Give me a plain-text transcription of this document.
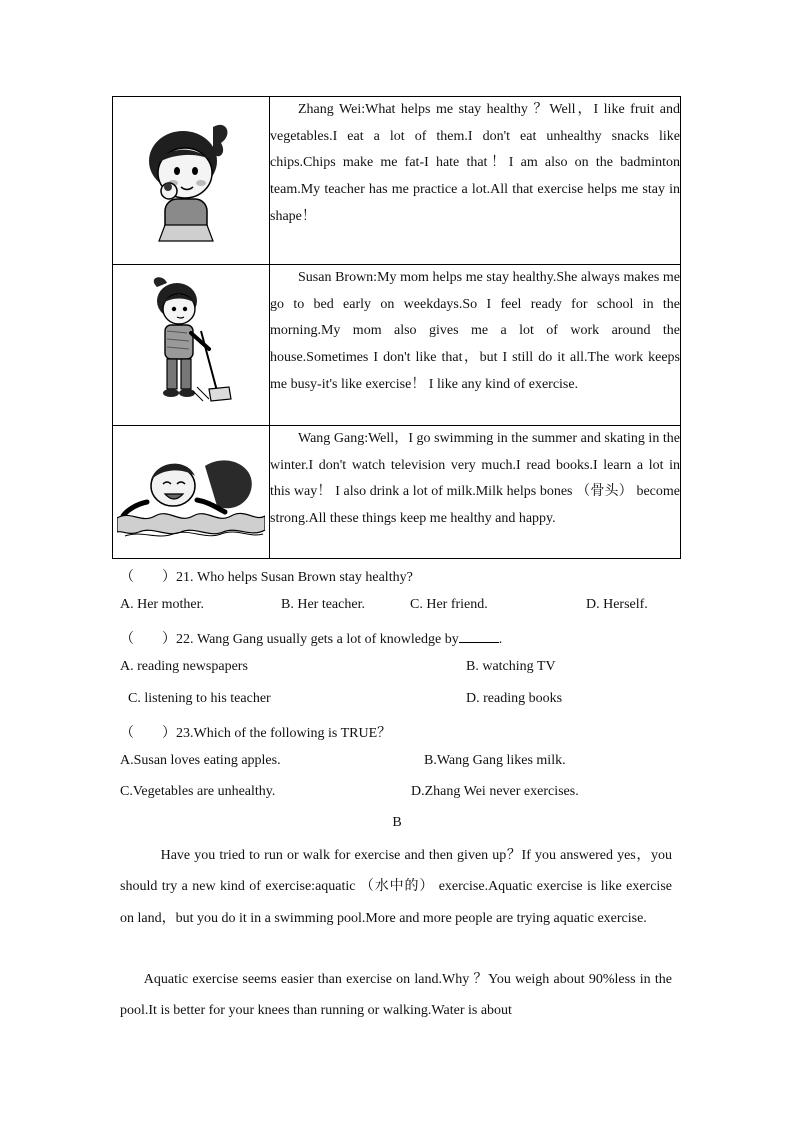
Zhang Wei:What helps me stay healthy ？Well，I like fruit and vegetables.I eat a lot of them.I don't eat unhealthy snacks like chips.Chips make me fat-I hate that！I am also on the badminton team.My teacher has me practice a lot.All that exercise helps me stay in shape！

Susan Brown:My mom helps me stay healthy.She always makes me go to bed early on weekdays.So I feel ready for school in the morning.My mom also gives me a lot of work around the house.Sometimes I don't like that，but I still do it all.The work keeps me busy-it's like exercise！ I like any kind of exercise.

Wang Gang:Well，I go swimming in the summer and skating in the winter.I don't watch television very much.I read books.I learn a lot in this way！ I also drink a lot of milk.Milk helps bones （骨头） become strong.All these things keep me healthy and happy.

（　　）21. Who helps Susan Brown stay healthy?
A. Her mother.	B. Her teacher.	C. Her friend.	D. Herself.
（　　）22. Wang Gang usually gets a lot of knowledge by	.
A. reading newspapers	B. watching TV
C. listening to his teacher	D. reading books
（　　）23.Which of the following is TRUE？
A.Susan loves eating apples.	B.Wang Gang likes milk.
C.Vegetables are unhealthy.	D.Zhang Wei never exercises.
B

Have you tried to run or walk for exercise and then given up？If you answered yes，you should try a new kind of exercise:aquatic （水中的） exercise.Aquatic exercise is like exercise on land，but you do it in a swimming pool.More and more people are trying aquatic exercise.

Aquatic exercise seems easier than exercise on land.Why ？You weigh about 90%less in the pool.It is better for your knees than running or walking.Water is about
